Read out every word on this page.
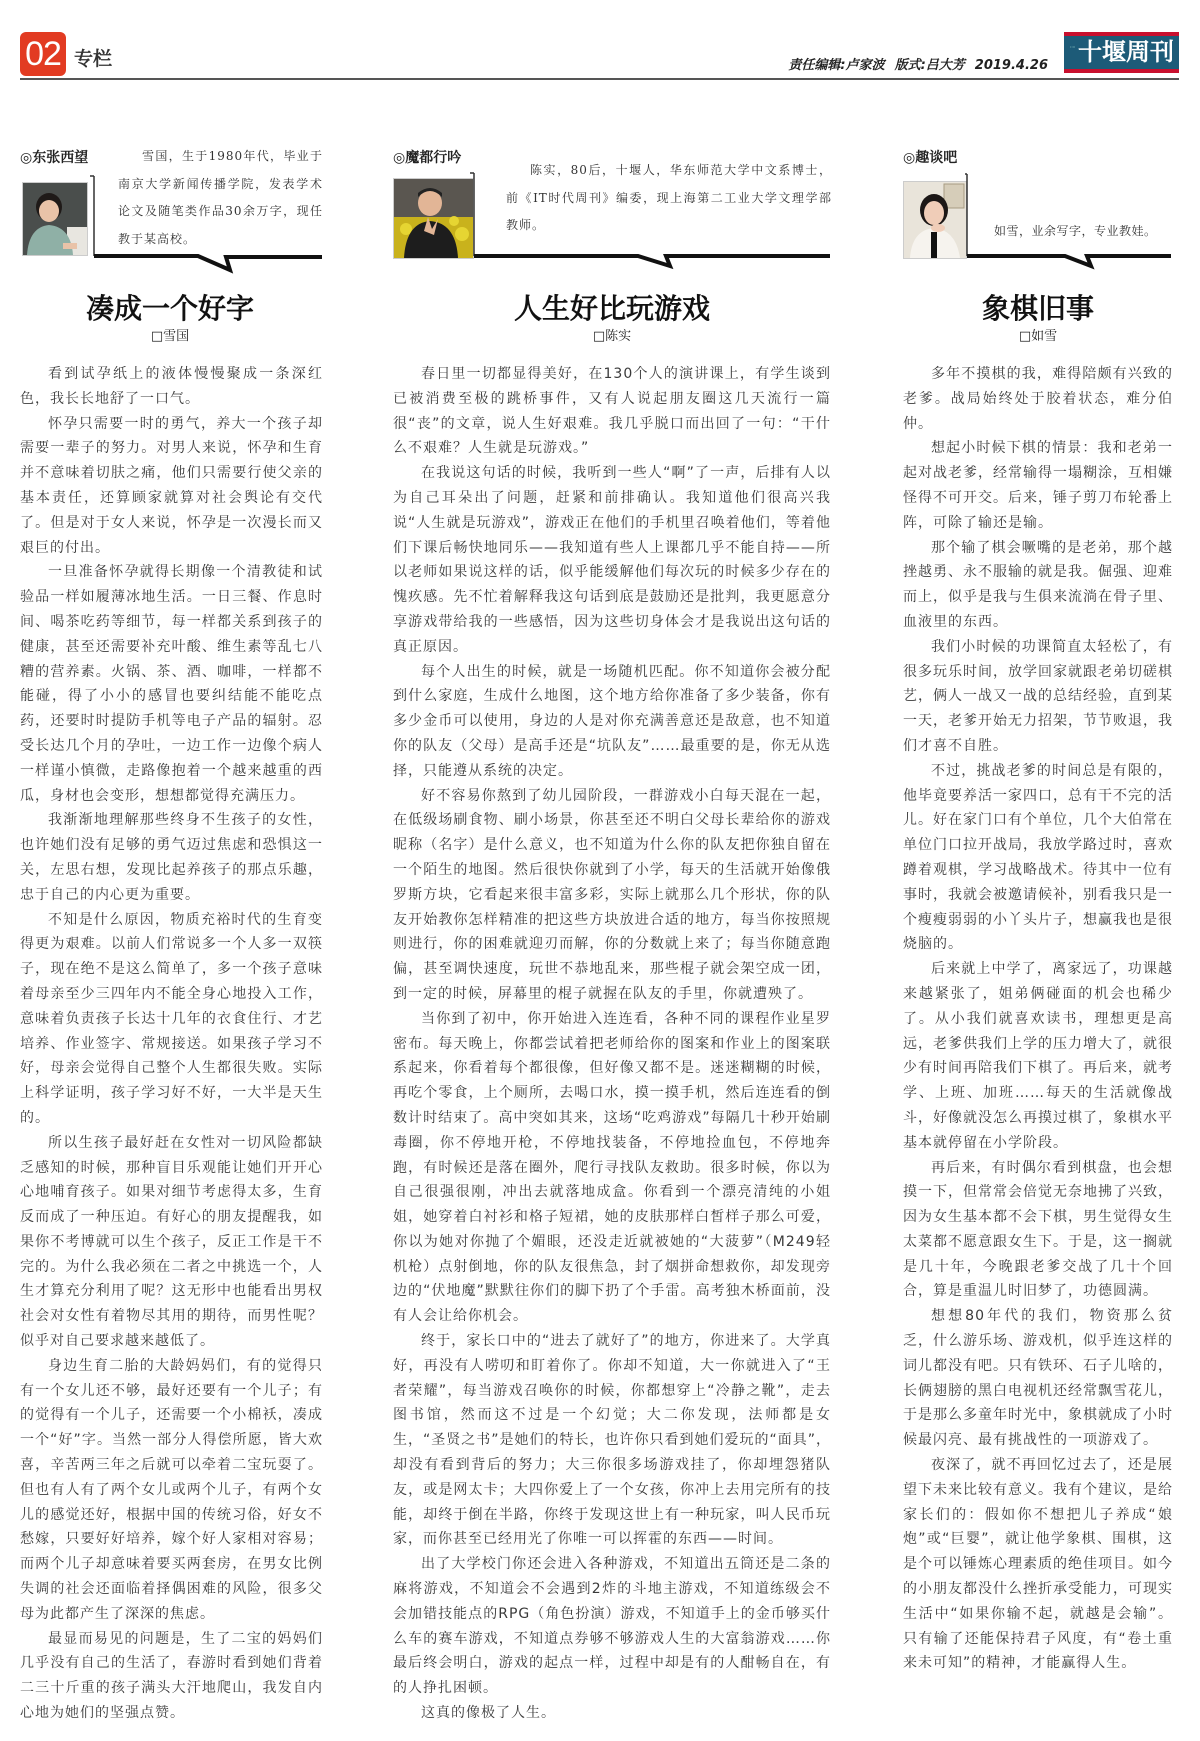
02 专栏	责任编辑:卢家波 版式:吕大芳 2019.4.26
:::: 十堰周刊
◎东张西望	雪国，生于1980年代，毕业于南京大学新闻传播学院，发表学术论文及随笔类作品30余万字，现任教于某高校。
凑成一个好字
□雪国

看到试孕纸上的液体慢慢聚成一条深红色，我长长地舒了一口气。

怀孕只需要一时的勇气，养大一个孩子却需要一辈子的努力。对男人来说，怀孕和生育并不意味着切肤之痛，他们只需要行使父亲的基本责任，还算顾家就算对社会舆论有交代了。但是对于女人来说，怀孕是一次漫长而又艰巨的付出。

一旦准备怀孕就得长期像一个清教徒和试验品一样如履薄冰地生活。一日三餐、作息时间、喝茶吃药等细节，每一样都关系到孩子的健康，甚至还需要补充叶酸、维生素等乱七八糟的营养素。火锅、茶、酒、咖啡，一样都不能碰，得了小小的感冒也要纠结能不能吃点药，还要时时提防手机等电子产品的辐射。忍受长达几个月的孕吐，一边工作一边像个病人一样谨小慎微，走路像抱着一个越来越重的西瓜，身材也会变形，想想都觉得充满压力。

我渐渐地理解那些终身不生孩子的女性，也许她们没有足够的勇气迈过焦虑和恐惧这一关，左思右想，发现比起养孩子的那点乐趣，忠于自己的内心更为重要。

不知是什么原因，物质充裕时代的生育变得更为艰难。以前人们常说多一个人多一双筷子，现在绝不是这么简单了，多一个孩子意味着母亲至少三四年内不能全身心地投入工作，意味着负责孩子长达十几年的衣食住行、才艺培养、作业签字、常规接送。如果孩子学习不好，母亲会觉得自己整个人生都很失败。实际上科学证明，孩子学习好不好，一大半是天生的。

所以生孩子最好赶在女性对一切风险都缺乏感知的时候，那种盲目乐观能让她们开开心心地哺育孩子。如果对细节考虑得太多，生育反而成了一种压迫。有好心的朋友提醒我，如果你不考博就可以生个孩子，反正工作是干不完的。为什么我必须在二者之中挑选一个，人生才算充分利用了呢？这无形中也能看出男权社会对女性有着物尽其用的期待，而男性呢？似乎对自己要求越来越低了。

身边生育二胎的大龄妈妈们，有的觉得只有一个女儿还不够，最好还要有一个儿子；有的觉得有一个儿子，还需要一个小棉袄，凑成一个“好”字。当然一部分人得偿所愿，皆大欢喜，辛苦两三年之后就可以牵着二宝玩耍了。但也有人有了两个女儿或两个儿子，有两个女儿的感觉还好，根据中国的传统习俗，好女不愁嫁，只要好好培养，嫁个好人家相对容易；而两个儿子却意味着要买两套房，在男女比例失调的社会还面临着择偶困难的风险，很多父母为此都产生了深深的焦虑。

最显而易见的问题是，生了二宝的妈妈们几乎没有自己的生活了，春游时看到她们背着二三十斤重的孩子满头大汗地爬山，我发自内心地为她们的坚强点赞。

◎魔都行吟
陈实，80后，十堰人，华东师范大学中文系博士，前《IT时代周刊》编委，现上海第二工业大学文理学部教师。
人生好比玩游戏
□陈实

春日里一切都显得美好，在130个人的演讲课上，有学生谈到已被消费至极的跳桥事件，又有人说起朋友圈这几天流行一篇很“丧”的文章，说人生好艰难。我几乎脱口而出回了一句：“干什么不艰难？人生就是玩游戏。”

在我说这句话的时候，我听到一些人“啊”了一声，后排有人以为自己耳朵出了问题，赶紧和前排确认。我知道他们很高兴我说“人生就是玩游戏”，游戏正在他们的手机里召唤着他们，等着他们下课后畅快地同乐——我知道有些人上课都几乎不能自持——所以老师如果说这样的话，似乎能缓解他们每次玩的时候多少存在的愧疚感。先不忙着解释我这句话到底是鼓励还是批判，我更愿意分享游戏带给我的一些感悟，因为这些切身体会才是我说出这句话的真正原因。

每个人出生的时候，就是一场随机匹配。你不知道你会被分配到什么家庭，生成什么地图，这个地方给你准备了多少装备，你有多少金币可以使用，身边的人是对你充满善意还是敌意，也不知道你的队友（父母）是高手还是“坑队友”……最重要的是，你无从选择，只能遵从系统的决定。

好不容易你熬到了幼儿园阶段，一群游戏小白每天混在一起，在低级场刷食物、刷小场景，你甚至还不明白父母长辈给你的游戏昵称（名字）是什么意义，也不知道为什么你的队友把你独自留在一个陌生的地图。然后很快你就到了小学，每天的生活就开始像俄罗斯方块，它看起来很丰富多彩，实际上就那么几个形状，你的队友开始教你怎样精准的把这些方块放进合适的地方，每当你按照规则进行，你的困难就迎刃而解，你的分数就上来了；每当你随意跑偏，甚至调快速度，玩世不恭地乱来，那些棍子就会架空成一团，到一定的时候，屏幕里的棍子就握在队友的手里，你就遭殃了。

当你到了初中，你开始进入连连看，各种不同的课程作业星罗密布。每天晚上，你都尝试着把老师给你的图案和作业上的图案联系起来，你看着每个都很像，但好像又都不是。迷迷糊糊的时候，再吃个零食，上个厕所，去喝口水，摸一摸手机，然后连连看的倒数计时结束了。高中突如其来，这场“吃鸡游戏”每隔几十秒开始刷毒圈，你不停地开枪，不停地找装备，不停地捡血包，不停地奔跑，有时候还是落在圈外，爬行寻找队友救助。很多时候，你以为自己很强很刚，冲出去就落地成盒。你看到一个漂亮清纯的小姐姐，她穿着白衬衫和格子短裙，她的皮肤那样白皙样子那么可爱，你以为她对你抛了个媚眼，还没走近就被她的“大菠萝”（M249轻机枪）点射倒地，你的队友很焦急，封了烟拼命想救你，却发现旁边的“伏地魔”默默往你们的脚下扔了个手雷。高考独木桥面前，没有人会让给你机会。

终于，家长口中的“进去了就好了”的地方，你进来了。大学真好，再没有人唠叨和盯着你了。你却不知道，大一你就进入了“王者荣耀”，每当游戏召唤你的时候，你都想穿上“冷静之靴”，走去图书馆，然而这不过是一个幻觉；大二你发现，法师都是女生，“圣贤之书”是她们的特长，也许你只看到她们爱玩的“面具”，却没有看到背后的努力；大三你很多场游戏挂了，你却埋怨猪队友，或是网太卡；大四你爱上了一个女孩，你冲上去用完所有的技能，却终于倒在半路，你终于发现这世上有一种玩家，叫人民币玩家，而你甚至已经用光了你唯一可以挥霍的东西——时间。

出了大学校门你还会进入各种游戏，不知道出五筒还是二条的麻将游戏，不知道会不会遇到2炸的斗地主游戏，不知道练级会不会加错技能点的RPG（角色扮演）游戏，不知道手上的金币够买什么车的赛车游戏，不知道点券够不够游戏人生的大富翁游戏……你最后终会明白，游戏的起点一样，过程中却是有的人酣畅自在，有的人挣扎困顿。

这真的像极了人生。

◎趣谈吧
如雪，业余写字，专业教娃。
象棋旧事
□如雪

多年不摸棋的我，难得陪颇有兴致的老爹。战局始终处于胶着状态，难分伯仲。

想起小时候下棋的情景：我和老弟一起对战老爹，经常输得一塌糊涂，互相嫌怪得不可开交。后来，锤子剪刀布轮番上阵，可除了输还是输。

那个输了棋会噘嘴的是老弟，那个越挫越勇、永不服输的就是我。倔强、迎难而上，似乎是我与生俱来流淌在骨子里、血液里的东西。

我们小时候的功课简直太轻松了，有很多玩乐时间，放学回家就跟老弟切磋棋艺，俩人一战又一战的总结经验，直到某一天，老爹开始无力招架，节节败退，我们才喜不自胜。

不过，挑战老爹的时间总是有限的，他毕竟要养活一家四口，总有干不完的活儿。好在家门口有个单位，几个大伯常在单位门口拉开战局，我放学路过时，喜欢蹲着观棋，学习战略战术。待其中一位有事时，我就会被邀请候补，别看我只是一个瘦瘦弱弱的小丫头片子，想赢我也是很烧脑的。

后来就上中学了，离家远了，功课越来越紧张了，姐弟俩碰面的机会也稀少了。从小我们就喜欢读书，理想更是高远，老爹供我们上学的压力增大了，就很少有时间再陪我们下棋了。再后来，就考学、上班、加班……每天的生活就像战斗，好像就没怎么再摸过棋了，象棋水平基本就停留在小学阶段。

再后来，有时偶尔看到棋盘，也会想摸一下，但常常会倍觉无奈地拂了兴致，因为女生基本都不会下棋，男生觉得女生太菜都不愿意跟女生下。于是，这一搁就是几十年，今晚跟老爹交战了几十个回合，算是重温儿时旧梦了，功德圆满。

想想80年代的我们，物资那么贫乏，什么游乐场、游戏机，似乎连这样的词儿都没有吧。只有铁环、石子儿啥的，长俩翅膀的黑白电视机还经常飘雪花儿，于是那么多童年时光中，象棋就成了小时候最闪亮、最有挑战性的一项游戏了。

夜深了，就不再回忆过去了，还是展望下未来比较有意义。我有个建议，是给家长们的：假如你不想把儿子养成“娘炮”或“巨婴”，就让他学象棋、围棋，这是个可以锤炼心理素质的绝佳项目。如今的小朋友都没什么挫折承受能力，可现实生活中“如果你输不起，就越是会输”。只有输了还能保持君子风度，有“卷土重来未可知”的精神，才能赢得人生。
